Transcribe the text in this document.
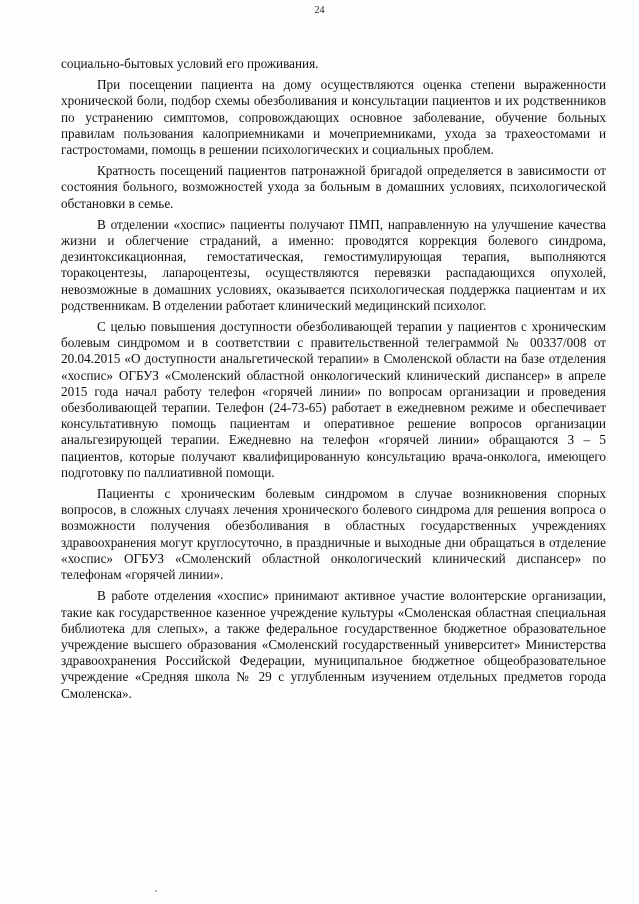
24

социально-бытовых условий его проживания.

При посещении пациента на дому осуществляются оценка степени выраженности хронической боли, подбор схемы обезболивания и консультации пациентов и их родственников по устранению симптомов, сопровождающих основное заболевание, обучение больных правилам пользования калоприемниками и мочеприемниками, ухода за трахеостомами и гастростомами, помощь в решении психологических и социальных проблем.

Кратность посещений пациентов патронажной бригадой определяется в зависимости от состояния больного, возможностей ухода за больным в домашних условиях, психологической обстановки в семье.

В отделении «хоспис» пациенты получают ПМП, направленную на улучшение качества жизни и облегчение страданий, а именно: проводятся коррекция болевого синдрома, дезинтоксикационная, гемостатическая, гемостимулирующая терапия, выполняются торакоцентезы, лапароцентезы, осуществляются перевязки распадающихся опухолей, невозможные в домашних условиях, оказывается психологическая поддержка пациентам и их родственникам. В отделении работает клинический медицинский психолог.

С целью повышения доступности обезболивающей терапии у пациентов с хроническим болевым синдромом и в соответствии с правительственной телеграммой № 00337/008 от 20.04.2015 «О доступности анальгетической терапии» в Смоленской области на базе отделения «хоспис» ОГБУЗ «Смоленский областной онкологический клинический диспансер» в апреле 2015 года начал работу телефон «горячей линии» по вопросам организации и проведения обезболивающей терапии. Телефон (24-73-65) работает в ежедневном режиме и обеспечивает консультативную помощь пациентам и оперативное решение вопросов организации анальгезирующей терапии. Ежедневно на телефон «горячей линии» обращаются 3 – 5 пациентов, которые получают квалифицированную консультацию врача-онколога, имеющего подготовку по паллиативной помощи.

Пациенты с хроническим болевым синдромом в случае возникновения спорных вопросов, в сложных случаях лечения хронического болевого синдрома для решения вопроса о возможности получения обезболивания в областных государственных учреждениях здравоохранения могут круглосуточно, в праздничные и выходные дни обращаться в отделение «хоспис» ОГБУЗ «Смоленский областной онкологический клинический диспансер» по телефонам «горячей линии».

В работе отделения «хоспис» принимают активное участие волонтерские организации, такие как государственное казенное учреждение культуры «Смоленская областная специальная библиотека для слепых», а также федеральное государственное бюджетное образовательное учреждение высшего образования «Смоленский государственный университет» Министерства здравоохранения Российской Федерации, муниципальное бюджетное общеобразовательное учреждение «Средняя школа № 29 с углубленным изучением отдельных предметов города Смоленска».
